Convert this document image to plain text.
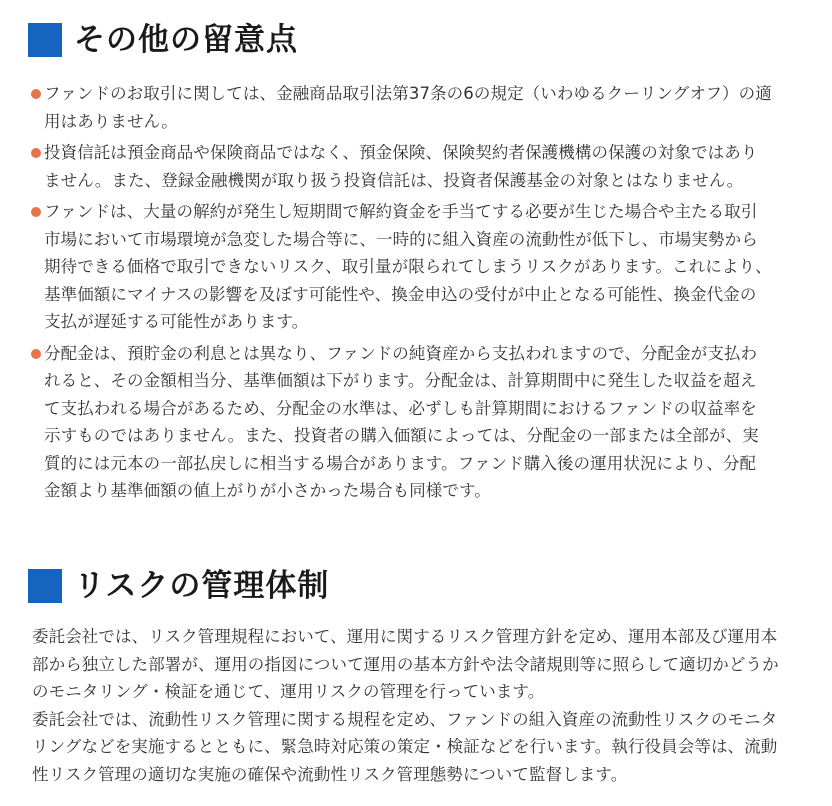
その他の留意点
ファンドのお取引に関しては、金融商品取引法第37条の6の規定（いわゆるクーリングオフ）の適用はありません。
投資信託は預金商品や保険商品ではなく、預金保険、保険契約者保護機構の保護の対象ではありません。また、登録金融機関が取り扱う投資信託は、投資者保護基金の対象とはなりません。
ファンドは、大量の解約が発生し短期間で解約資金を手当てする必要が生じた場合や主たる取引市場において市場環境が急変した場合等に、一時的に組入資産の流動性が低下し、市場実勢から期待できる価格で取引できないリスク、取引量が限られてしまうリスクがあります。これにより、基準価額にマイナスの影響を及ぼす可能性や、換金申込の受付が中止となる可能性、換金代金の支払が遅延する可能性があります。
分配金は、預貯金の利息とは異なり、ファンドの純資産から支払われますので、分配金が支払われると、その金額相当分、基準価額は下がります。分配金は、計算期間中に発生した収益を超えて支払われる場合があるため、分配金の水準は、必ずしも計算期間におけるファンドの収益率を示すものではありません。また、投資者の購入価額によっては、分配金の一部または全部が、実質的には元本の一部払戻しに相当する場合があります。ファンド購入後の運用状況により、分配金額より基準価額の値上がりが小さかった場合も同様です。
リスクの管理体制

委託会社では、リスク管理規程において、運用に関するリスク管理方針を定め、運用本部及び運用本部から独立した部署が、運用の指図について運用の基本方針や法令諸規則等に照らして適切かどうかのモニタリング・検証を通じて、運用リスクの管理を行っています。

委託会社では、流動性リスク管理に関する規程を定め、ファンドの組入資産の流動性リスクのモニタリングなどを実施するとともに、緊急時対応策の策定・検証などを行います。執行役員会等は、流動性リスク管理の適切な実施の確保や流動性リスク管理態勢について監督します。
